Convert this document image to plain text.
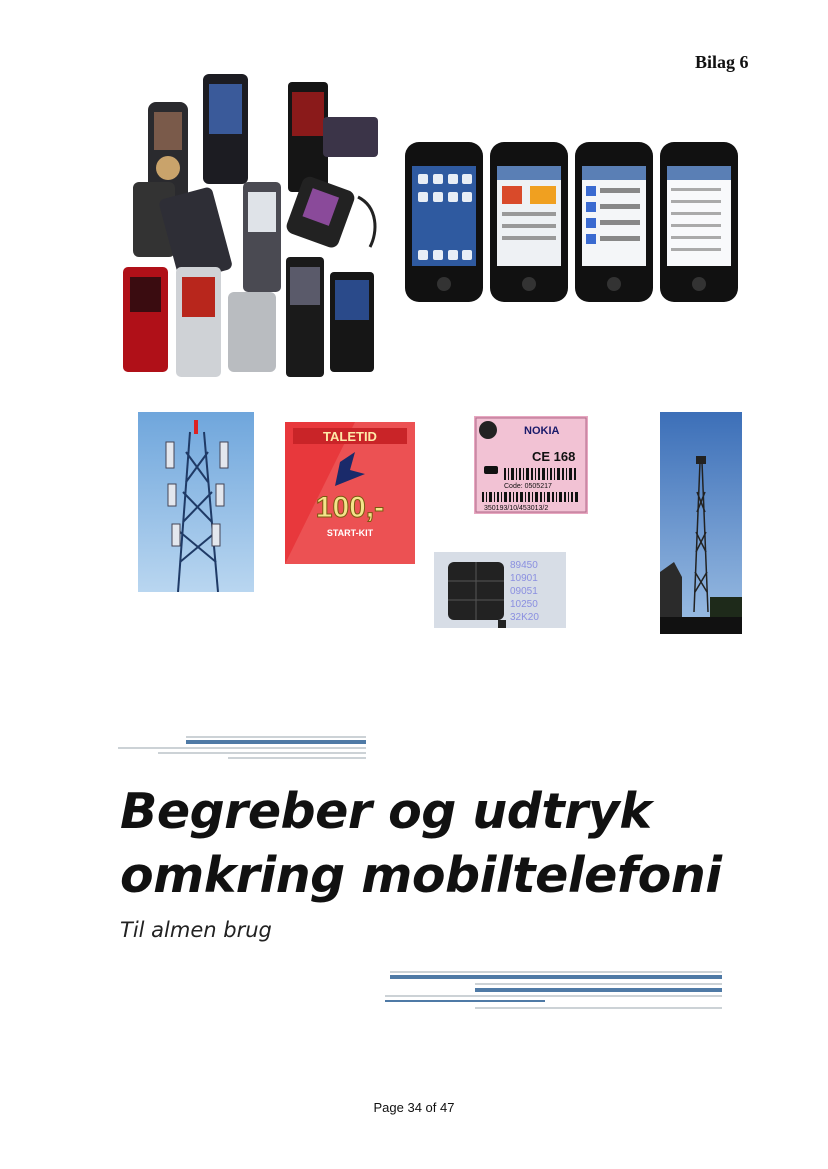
Bilag 6
TALETID
100,-
START-KIT
NOKIA
CE 168
Code: 0505217
350193/10/453013/2
89450
10901
09051
10250
32K20
Begreber og udtryk
omkring mobiltelefoni
Til almen brug
Page 34 of 47
